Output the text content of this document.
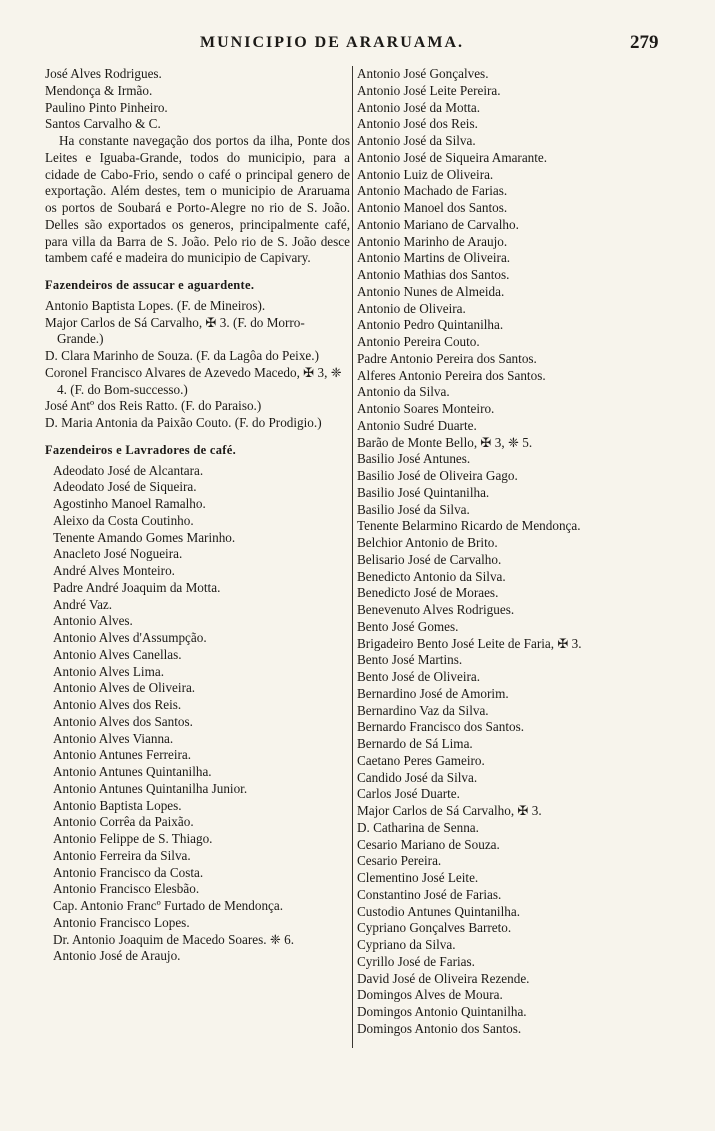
MUNICIPIO DE ARARUAMA.	279
José Alves Rodrigues.
Mendonça & Irmão.
Paulino Pinto Pinheiro.
Santos Carvalho & C.

Ha constante navegação dos portos da ilha, Ponte dos Leites e Iguaba-Grande, todos do municipio, para a cidade de Cabo-Frio, sendo o café o principal genero de exportação. Além destes, tem o municipio de Araruama os portos de Soubará e Porto-Alegre no rio de S. João. Delles são exportados os generos, principalmente café, para villa da Barra de S. João. Pelo rio de S. João desce tambem café e madeira do municipio de Capivary.

Fazendeiros de assucar e aguardente.
Antonio Baptista Lopes. (F. de Mineiros).
Major Carlos de Sá Carvalho, ✠ 3. (F. do Morro-Grande.)
D. Clara Marinho de Souza. (F. da Lagôa do Peixe.)
Coronel Francisco Alvares de Azevedo Macedo, ✠ 3, ❈ 4. (F. do Bom-successo.)
José Antº dos Reis Ratto. (F. do Paraiso.)
D. Maria Antonia da Paixão Couto. (F. do Prodigio.)
Fazendeiros e Lavradores de café.
Adeodato José de Alcantara.
Adeodato José de Siqueira.
Agostinho Manoel Ramalho.
Aleixo da Costa Coutinho.
Tenente Amando Gomes Marinho.
Anacleto José Nogueira.
André Alves Monteiro.
Padre André Joaquim da Motta.
André Vaz.
Antonio Alves.
Antonio Alves d'Assumpção.
Antonio Alves Canellas.
Antonio Alves Lima.
Antonio Alves de Oliveira.
Antonio Alves dos Reis.
Antonio Alves dos Santos.
Antonio Alves Vianna.
Antonio Antunes Ferreira.
Antonio Antunes Quintanilha.
Antonio Antunes Quintanilha Junior.
Antonio Baptista Lopes.
Antonio Corrêa da Paixão.
Antonio Felippe de S. Thiago.
Antonio Ferreira da Silva.
Antonio Francisco da Costa.
Antonio Francisco Elesbão.
Cap. Antonio Francº Furtado de Mendonça.
Antonio Francisco Lopes.
Dr. Antonio Joaquim de Macedo Soares. ❈ 6.
Antonio José de Araujo.
Antonio José Gonçalves.
Antonio José Leite Pereira.
Antonio José da Motta.
Antonio José dos Reis.
Antonio José da Silva.
Antonio José de Siqueira Amarante.
Antonio Luiz de Oliveira.
Antonio Machado de Farias.
Antonio Manoel dos Santos.
Antonio Mariano de Carvalho.
Antonio Marinho de Araujo.
Antonio Martins de Oliveira.
Antonio Mathias dos Santos.
Antonio Nunes de Almeida.
Antonio de Oliveira.
Antonio Pedro Quintanilha.
Antonio Pereira Couto.
Padre Antonio Pereira dos Santos.
Alferes Antonio Pereira dos Santos.
Antonio da Silva.
Antonio Soares Monteiro.
Antonio Sudré Duarte.
Barão de Monte Bello, ✠ 3, ❈ 5.
Basilio José Antunes.
Basilio José de Oliveira Gago.
Basilio José Quintanilha.
Basilio José da Silva.
Tenente Belarmino Ricardo de Mendonça.
Belchior Antonio de Brito.
Belisario José de Carvalho.
Benedicto Antonio da Silva.
Benedicto José de Moraes.
Benevenuto Alves Rodrigues.
Bento José Gomes.
Brigadeiro Bento José Leite de Faria, ✠ 3.
Bento José Martins.
Bento José de Oliveira.
Bernardino José de Amorim.
Bernardino Vaz da Silva.
Bernardo Francisco dos Santos.
Bernardo de Sá Lima.
Caetano Peres Gameiro.
Candido José da Silva.
Carlos José Duarte.
Major Carlos de Sá Carvalho, ✠ 3.
D. Catharina de Senna.
Cesario Mariano de Souza.
Cesario Pereira.
Clementino José Leite.
Constantino José de Farias.
Custodio Antunes Quintanilha.
Cypriano Gonçalves Barreto.
Cypriano da Silva.
Cyrillo José de Farias.
David José de Oliveira Rezende.
Domingos Alves de Moura.
Domingos Antonio Quintanilha.
Domingos Antonio dos Santos.
